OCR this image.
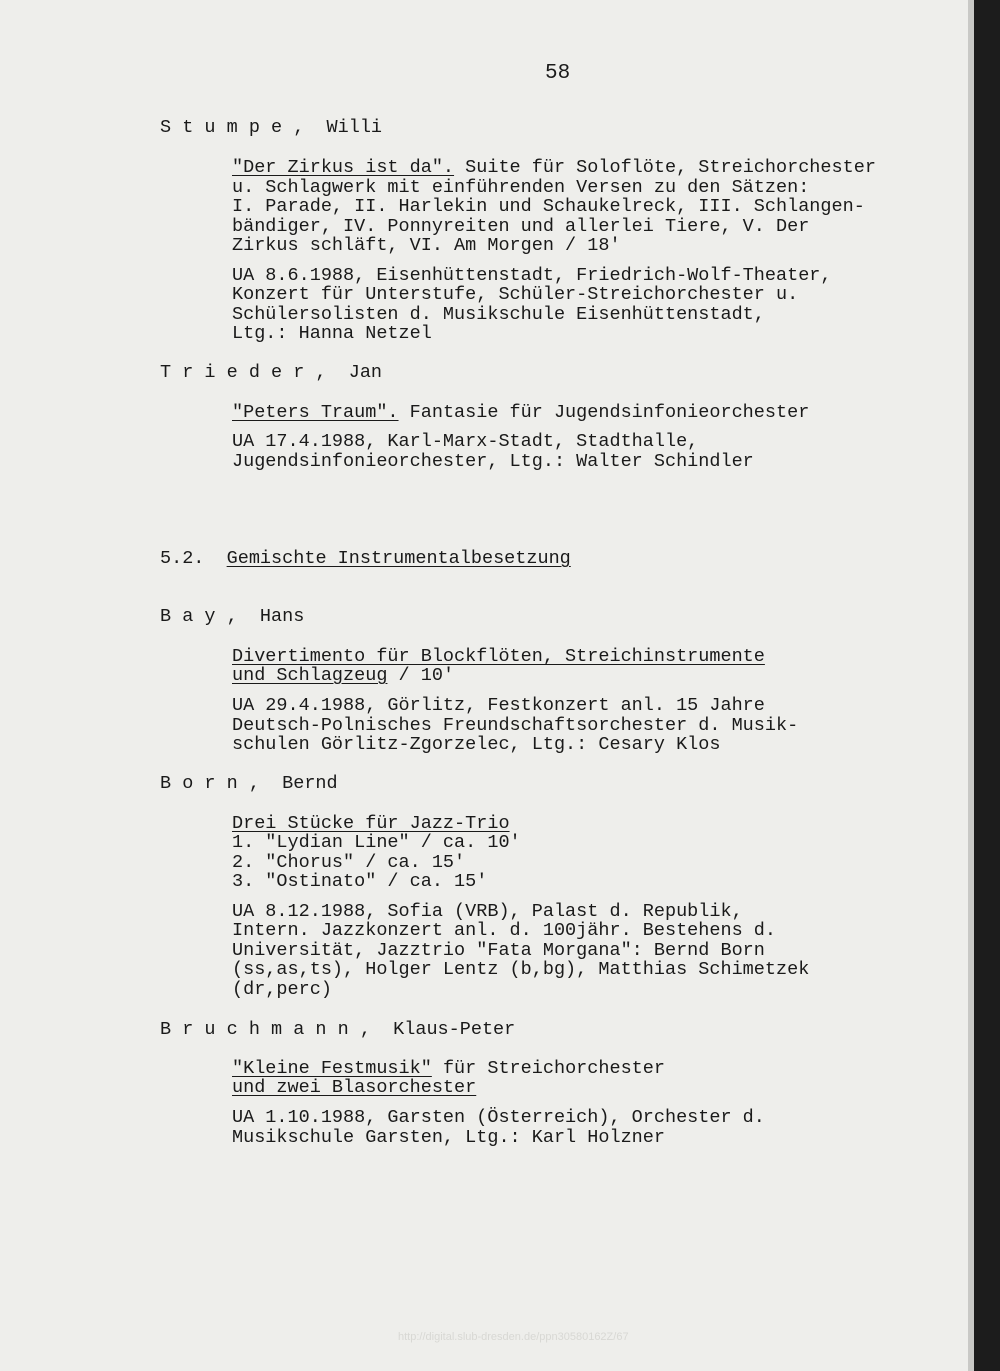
58
S t u m p e ,  Willi
"Der Zirkus ist da". Suite für Soloflöte, Streichorchester
u. Schlagwerk mit einführenden Versen zu den Sätzen:
I. Parade, II. Harlekin und Schaukelreck, III. Schlangen-
bändiger, IV. Ponnyreiten und allerlei Tiere, V. Der
Zirkus schläft, VI. Am Morgen / 18'
UA 8.6.1988, Eisenhüttenstadt, Friedrich-Wolf-Theater,
Konzert für Unterstufe, Schüler-Streichorchester u.
Schülersolisten d. Musikschule Eisenhüttenstadt,
Ltg.: Hanna Netzel
T r i e d e r ,  Jan
"Peters Traum". Fantasie für Jugendsinfonieorchester
UA 17.4.1988, Karl-Marx-Stadt, Stadthalle,
Jugendsinfonieorchester, Ltg.: Walter Schindler
5.2.  Gemischte Instrumentalbesetzung
B a y ,  Hans
Divertimento für Blockflöten, Streichinstrumente
und Schlagzeug / 10'
UA 29.4.1988, Görlitz, Festkonzert anl. 15 Jahre
Deutsch-Polnisches Freundschaftsorchester d. Musik-
schulen Görlitz-Zgorzelec, Ltg.: Cesary Klos
B o r n ,  Bernd
Drei Stücke für Jazz-Trio
1. "Lydian Line" / ca. 10'
2. "Chorus" / ca. 15'
3. "Ostinato" / ca. 15'
UA 8.12.1988, Sofia (VRB), Palast d. Republik,
Intern. Jazzkonzert anl. d. 100jähr. Bestehens d.
Universität, Jazztrio "Fata Morgana": Bernd Born
(ss,as,ts), Holger Lentz (b,bg), Matthias Schimetzek
(dr,perc)
B r u c h m a n n ,  Klaus-Peter
"Kleine Festmusik" für Streichorchester
und zwei Blasorchester
UA 1.10.1988, Garsten (Österreich), Orchester d.
Musikschule Garsten, Ltg.: Karl Holzner
http://digital.slub-dresden.de/ppn30580162Z/67
